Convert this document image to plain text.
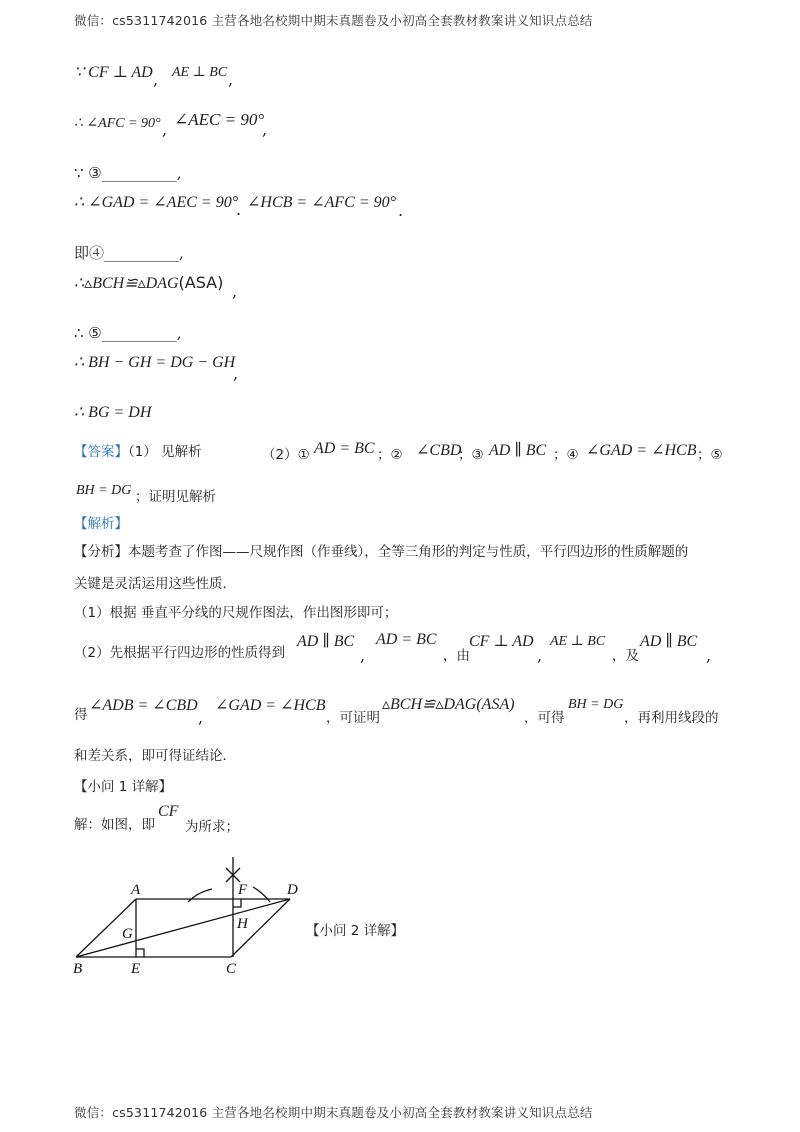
微信：cs5311742016 主营各地名校期中期末真题卷及小初高全套教材教案讲义知识点总结
∵ CF ⊥ AD AE ⊥ BC
,	,
∴ ∠AFC = 90° ∠AEC = 90°
,	,
∵ ③__________,
∴ ∠GAD = ∠AEC = 90° ∠HCB = ∠AFC = 90°
.	.
即④__________,
∴▵BCH≌▵DAG(ASA) ,
∴ ⑤__________,
∴ BH − GH = DG − GH
,
∴ BG = DH
【答案】（1） 见解析	（2）① AD = BC ；② ∠CBD
；③ AD ∥ BC ；④ ∠GAD = ∠HCB ；⑤
BH = DG ；证明见解析
【解析】
【分析】本题考查了作图——尺规作图（作垂线），全等三角形的判定与性质，平行四边形的性质解题的
关键是灵活运用这些性质．
（1）根据 垂直平分线的尺规作图法，作出图形即可；
（2）先根据平行四边形的性质得到
AD ∥ BC
,
AD = BC
，由
CF ⊥ AD
,
AE ⊥ BC
，及
AD ∥ BC
,
得
∠ADB = ∠CBD
,
∠GAD = ∠HCB
，可证明
▵BCH≌▵DAG(ASA)
，可得
BH = DG
，再利用线段的
和差关系，即可得证结论．
【小问 1 详解】
解：如图，即
CF
为所求；
A
B	C
D
E
F
G
H	【小问 2 详解】
微信：cs5311742016 主营各地名校期中期末真题卷及小初高全套教材教案讲义知识点总结
